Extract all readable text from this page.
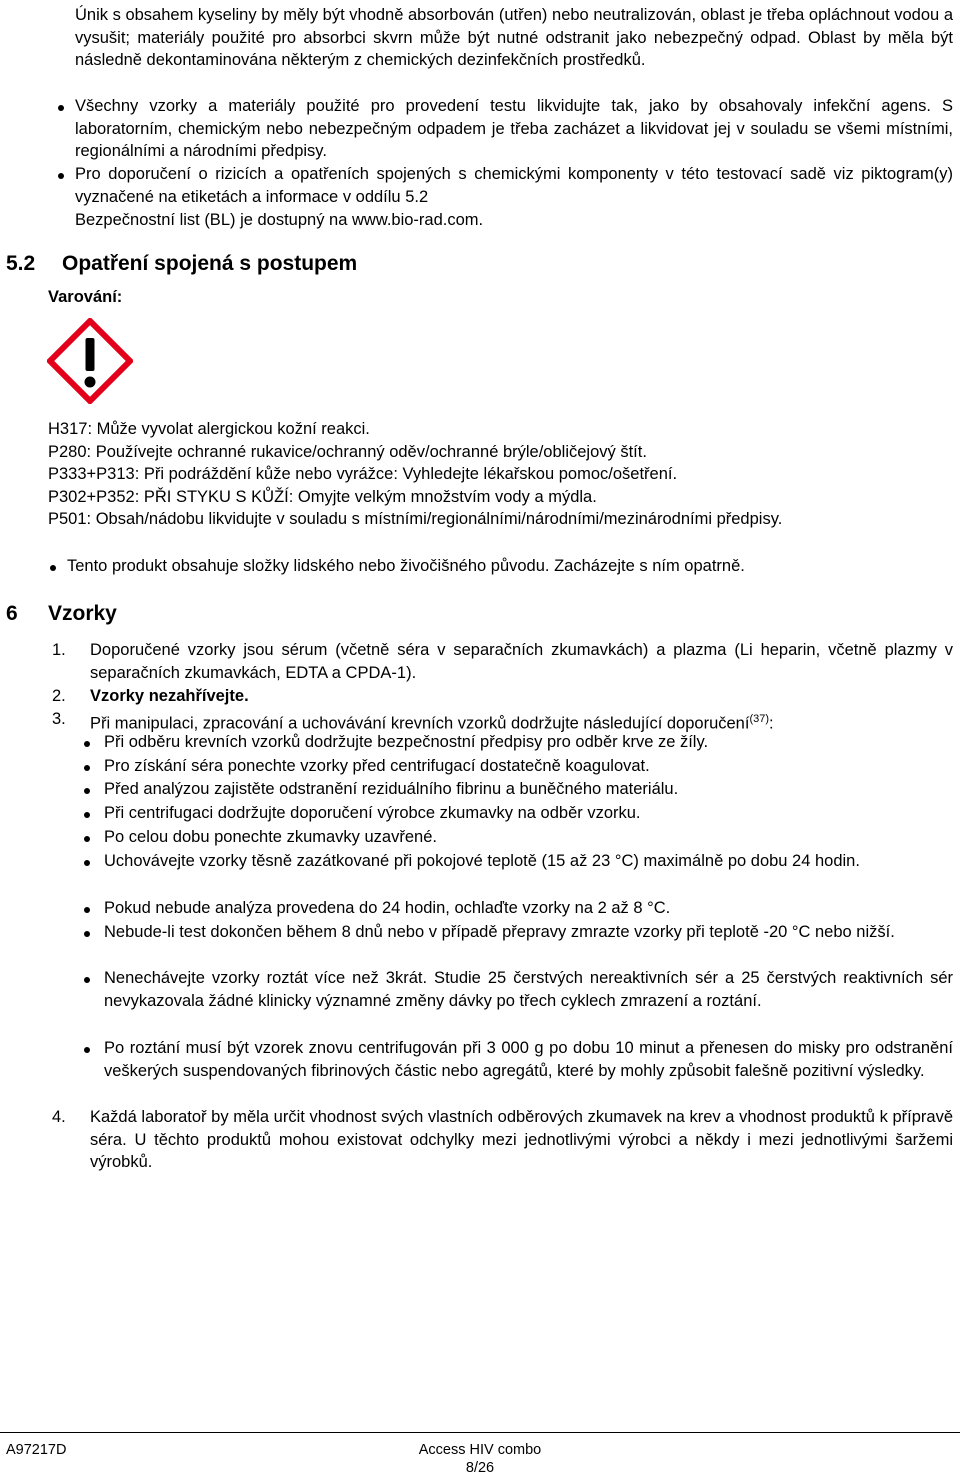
Únik s obsahem kyseliny by měly být vhodně absorbován (utřen) nebo neutralizován, oblast je třeba opláchnout vodou a vysušit; materiály použité pro absorbci skvrn může být nutné odstranit jako nebezpečný odpad. Oblast by měla být následně dekontaminována některým z chemických dezinfekčních prostředků.
Všechny vzorky a materiály použité pro provedení testu likvidujte tak, jako by obsahovaly infekční agens. S laboratorním, chemickým nebo nebezpečným odpadem je třeba zacházet a likvidovat jej v souladu se všemi místními, regionálními a národními předpisy.
Pro doporučení o rizicích a opatřeních spojených s chemickými komponenty v této testovací sadě viz piktogram(y) vyznačené na etiketách a informace v oddílu 5.2
Bezpečnostní list (BL) je dostupný na www.bio-rad.com.
5.2 Opatření spojená s postupem
Varování:
H317: Může vyvolat alergickou kožní reakci.
P280: Používejte ochranné rukavice/ochranný oděv/ochranné brýle/obličejový štít.
P333+P313: Při podráždění kůže nebo vyrážce: Vyhledejte lékařskou pomoc/ošetření.
P302+P352: PŘI STYKU S KŮŽÍ: Omyjte velkým množstvím vody a mýdla.
P501: Obsah/nádobu likvidujte v souladu s místními/regionálními/národními/mezinárodními předpisy.
Tento produkt obsahuje složky lidského nebo živočišného původu. Zacházejte s ním opatrně.
6 Vzorky
1. Doporučené vzorky jsou sérum (včetně séra v separačních zkumavkách) a plazma (Li heparin, včetně plazmy v separačních zkumavkách, EDTA a CPDA-1).
2. Vzorky nezahřívejte.
3. Při manipulaci, zpracování a uchovávání krevních vzorků dodržujte následující doporučení$^{(37)}$:
Při odběru krevních vzorků dodržujte bezpečnostní předpisy pro odběr krve ze žíly.
Pro získání séra ponechte vzorky před centrifugací dostatečně koagulovat.
Před analýzou zajistěte odstranění reziduálního fibrinu a buněčného materiálu.
Při centrifugaci dodržujte doporučení výrobce zkumavky na odběr vzorku.
Po celou dobu ponechte zkumavky uzavřené.
Uchovávejte vzorky těsně zazátkované při pokojové teplotě (15 až 23 °C) maximálně po dobu 24 hodin.
Pokud nebude analýza provedena do 24 hodin, ochlaďte vzorky na 2 až 8 °C.
Nebude-li test dokončen během 8 dnů nebo v případě přepravy zmrazte vzorky při teplotě -20 °C nebo nižší.
Nenechávejte vzorky roztát více než 3krát. Studie 25 čerstvých nereaktivních sér a 25 čerstvých reaktivních sér nevykazovala žádné klinicky významné změny dávky po třech cyklech zmrazení a roztání.
Po roztání musí být vzorek znovu centrifugován při 3 000 g po dobu 10 minut a přenesen do misky pro odstranění veškerých suspendovaných fibrinových částic nebo agregátů, které by mohly způsobit falešně pozitivní výsledky.
4. Každá laboratoř by měla určit vhodnost svých vlastních odběrových zkumavek na krev a vhodnost produktů k přípravě séra. U těchto produktů mohou existovat odchylky mezi jednotlivými výrobci a někdy i mezi jednotlivými šaržemi výrobků.
A97217D	Access HIV combo
8/26
